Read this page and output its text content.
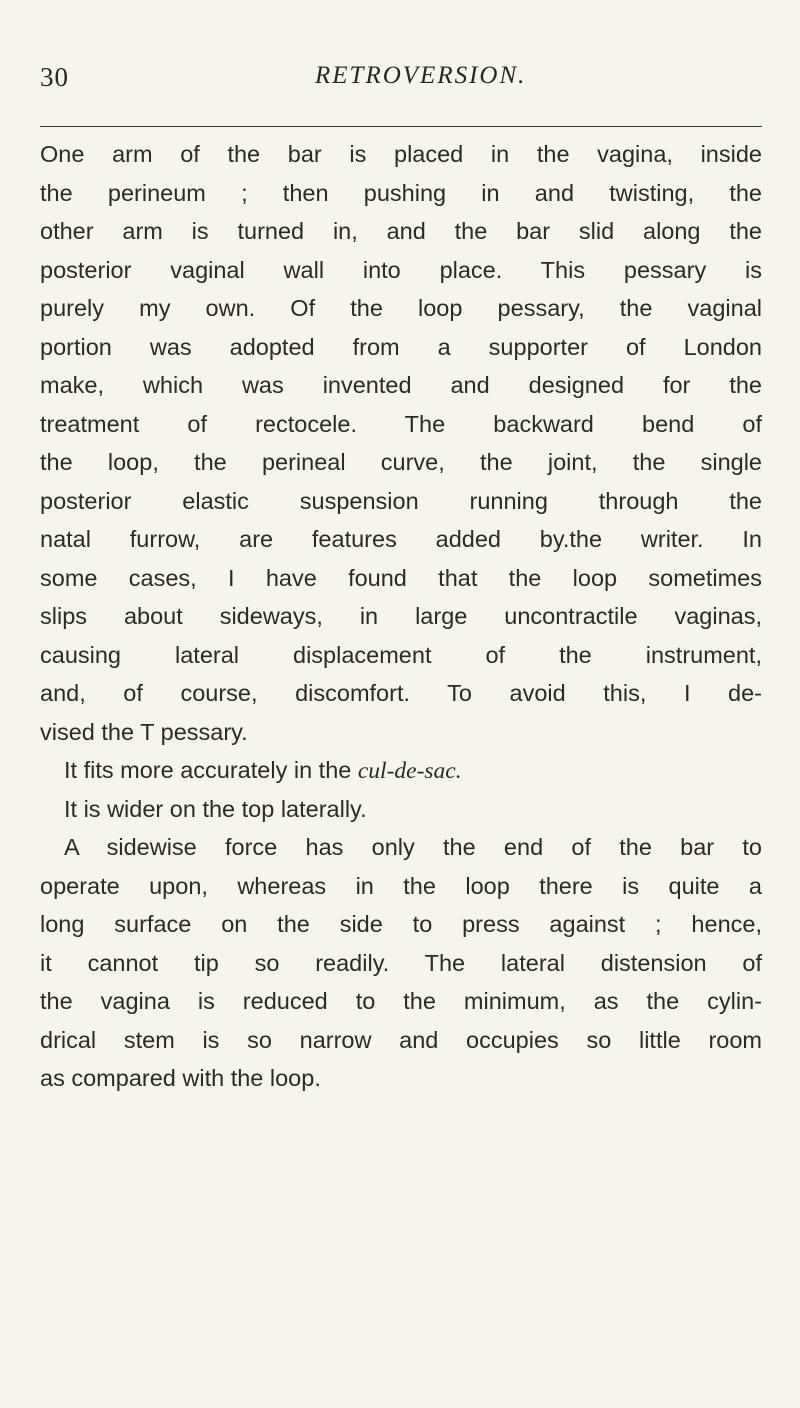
30	RETROVERSION.
One arm of the bar is placed in the vagina, inside
the perineum ; then pushing in and twisting, the
other arm is turned in, and the bar slid along the
posterior vaginal wall into place. This pessary is
purely my own. Of the loop pessary, the vaginal
portion was adopted from a supporter of London
make, which was invented and designed for the
treatment of rectocele. The backward bend of
the loop, the perineal curve, the joint, the single
posterior elastic suspension running through the
natal furrow, are features added by.the writer. In
some cases, I have found that the loop sometimes
slips about sideways, in large uncontractile vaginas,
causing lateral displacement of the instrument,
and, of course, discomfort. To avoid this, I de-
vised the T pessary.
It fits more accurately in the cul-de-sac.
It is wider on the top laterally.
A sidewise force has only the end of the bar to
operate upon, whereas in the loop there is quite a
long surface on the side to press against ; hence,
it cannot tip so readily. The lateral distension of
the vagina is reduced to the minimum, as the cylin-
drical stem is so narrow and occupies so little room
as compared with the loop.
